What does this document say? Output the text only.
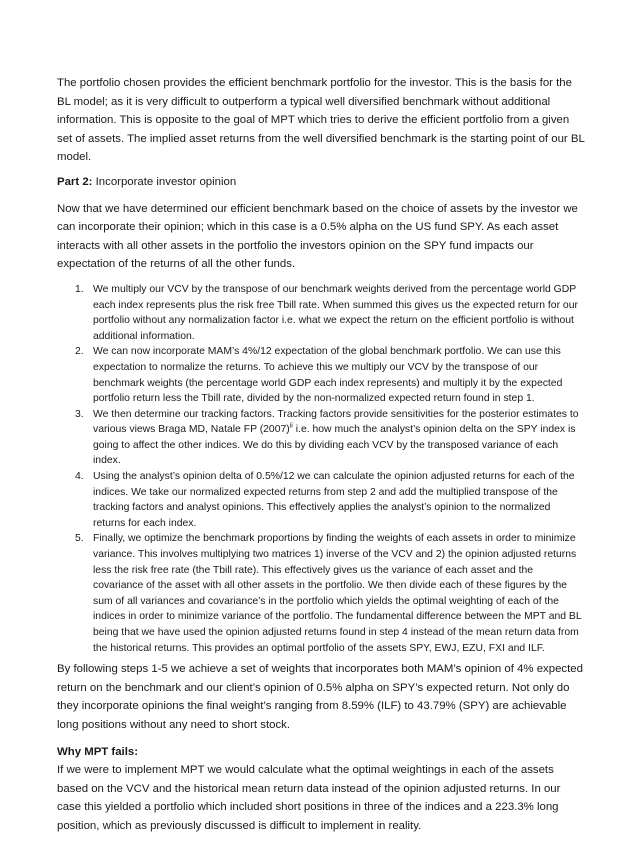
The portfolio chosen provides the efficient benchmark portfolio for the investor. This is the basis for the BL model; as it is very difficult to outperform a typical well diversified benchmark without additional information. This is opposite to the goal of MPT which tries to derive the efficient portfolio from a given set of assets. The implied asset returns from the well diversified benchmark is the starting point of our BL model.

Part 2: Incorporate investor opinion

Now that we have determined our efficient benchmark based on the choice of assets by the investor we can incorporate their opinion; which in this case is a 0.5% alpha on the US fund SPY. As each asset interacts with all other assets in the portfolio the investors opinion on the SPY fund impacts our expectation of the returns of all the other funds.

1. We multiply our VCV by the transpose of our benchmark weights derived from the percentage world GDP each index represents plus the risk free Tbill rate. When summed this gives us the expected return for our portfolio without any normalization factor i.e. what we expect the return on the efficient portfolio is without additional information.
2. We can now incorporate MAM’s 4%/12 expectation of the global benchmark portfolio. We can use this expectation to normalize the returns. To achieve this we multiply our VCV by the transpose of our benchmark weights (the percentage world GDP each index represents) and multiply it by the expected portfolio return less the Tbill rate, divided by the non-normalized expected return found in step 1.
3. We then determine our tracking factors. Tracking factors provide sensitivities for the posterior estimates to various views Braga MD, Natale FP $(2007)^{ii}$ i.e. how much the analyst’s opinion delta on the SPY index is going to affect the other indices. We do this by dividing each VCV by the transposed variance of each index.
4. Using the analyst’s opinion delta of 0.5%/12 we can calculate the opinion adjusted returns for each of the indices. We take our normalized expected returns from step 2 and add the multiplied transpose of the tracking factors and analyst opinions. This effectively applies the analyst’s opinion to the normalized returns for each index.
5. Finally, we optimize the benchmark proportions by finding the weights of each assets in order to minimize variance. This involves multiplying two matrices 1) inverse of the VCV and 2) the opinion adjusted returns less the risk free rate (the Tbill rate). This effectively gives us the variance of each asset and the covariance of the asset with all other assets in the portfolio. We then divide each of these figures by the sum of all variances and covariance’s in the portfolio which yields the optimal weighting of each of the indices in order to minimize variance of the portfolio. The fundamental difference between the MPT and BL being that we have used the opinion adjusted returns found in step 4 instead of the mean return data from the historical returns. This provides an optimal portfolio of the assets SPY, EWJ, EZU, FXI and ILF.

By following steps 1-5 we achieve a set of weights that incorporates both MAM’s opinion of 4% expected return on the benchmark and our client’s opinion of 0.5% alpha on SPY’s expected return. Not only do they incorporate opinions the final weight’s ranging from 8.59% (ILF) to 43.79% (SPY) are achievable long positions without any need to short stock.

Why MPT fails:

If we were to implement MPT we would calculate what the optimal weightings in each of the assets based on the VCV and the historical mean return data instead of the opinion adjusted returns. In our case this yielded a portfolio which included short positions in three of the indices and a 223.3% long position, which as previously discussed is difficult to implement in reality.
